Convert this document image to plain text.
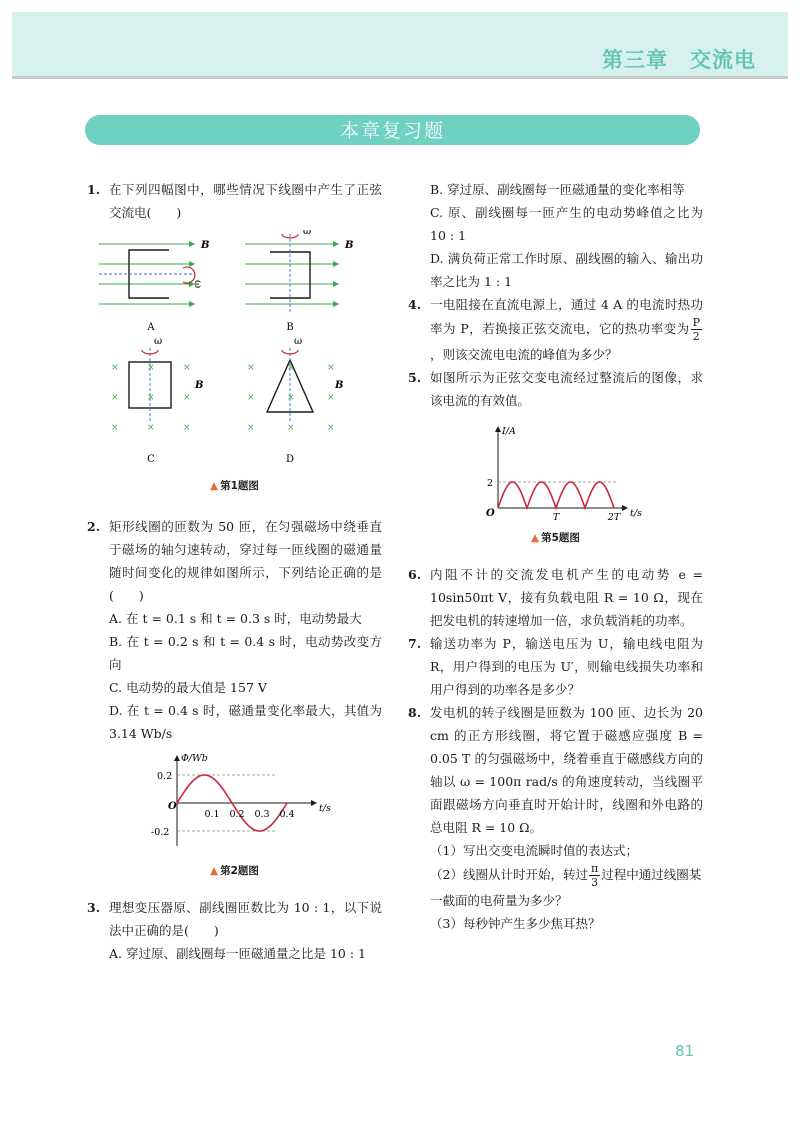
第三章　交流电
本章复习题
1. 在下列四幅图中，哪些情况下线圈中产生了正弦交流电(　　)
B
ω
A
ω
B
B
×
×
×
×
×
×
×
×
×
ω
B
C
×
×
×
×
×
×
×
×
×
ω
B
D
▲ 第1题图
2. 矩形线圈的匝数为 50 匝，在匀强磁场中绕垂直于磁场的轴匀速转动，穿过每一匝线圈的磁通量随时间变化的规律如图所示，下列结论正确的是(　　)
A. 在 t = 0.1 s 和 t = 0.3 s 时，电动势最大
B. 在 t = 0.2 s 和 t = 0.4 s 时，电动势改变方向
C. 电动势的最大值是 157 V
D. 在 t = 0.4 s 时，磁通量变化率最大，其值为 3.14 Wb/s
Φ/Wb
t/s
O
0.2
-0.2
0.1 0.2 0.3 0.4
▲ 第2题图
3. 理想变压器原、副线圈匝数比为 10 : 1，以下说法中正确的是(　　)
A. 穿过原、副线圈每一匝磁通量之比是 10 : 1
B. 穿过原、副线圈每一匝磁通量的变化率相等
C. 原、副线圈每一匝产生的电动势峰值之比为 10 : 1
D. 满负荷正常工作时原、副线圈的输入、输出功率之比为 1 : 1
4. 一电阻接在直流电源上，通过 4 A 的电流时热功率为 P，若换接正弦交流电，它的热功率变为 $\frac{P}{2}$
，则该交流电电流的峰值为多少？
5. 如图所示为正弦交变电流经过整流后的图像，求该电流的有效值。
I/A
t/s
O
2
T	2T
▲ 第5题图
6. 内阻不计的交流发电机产生的电动势 e = 10sin50πt V，接有负载电阻 R = 10 Ω，现在把发电机的转速增加一倍，求负载消耗的功率。
7. 输送功率为 P，输送电压为 U，输电线电阻为 R，用户得到的电压为 U′，则输电线损失功率和用户得到的功率各是多少？
8. 发电机的转子线圈是匝数为 100 匝、边长为 20 cm 的正方形线圈，将它置于磁感应强度 B = 0.05 T 的匀强磁场中，绕着垂直于磁感线方向的轴以 ω = 100π rad/s 的角速度转动，当线圈平面跟磁场方向垂直时开始计时，线圈和外电路的总电阻 R = 10 Ω。
（1）写出交变电流瞬时值的表达式；
（2）线圈从计时开始，转过 $\frac{\pi}{3}$ 过程中通过线圈某一截面的电荷量为多少？
（3）每秒钟产生多少焦耳热？
81
